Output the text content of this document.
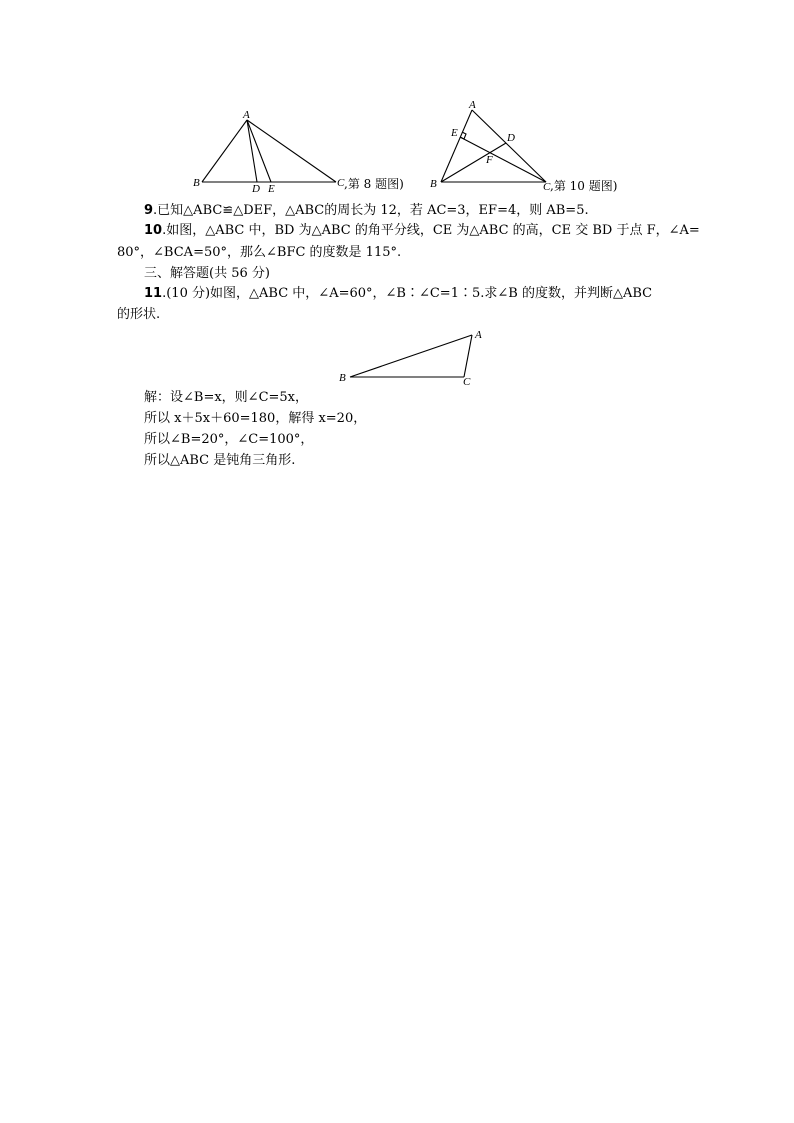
A
B	D E	C ,第 8 题图)
A
E	D
F
B	C ,第 10 题图)
9.已知△ABC≌△DEF，△ABC的周长为 12，若 AC=3，EF=4，则 AB=5.
10.如图，△ABC 中，BD 为△ABC 的角平分线，CE 为△ABC 的高，CE 交 BD 于点 F，∠A=
80°，∠BCA=50°，那么∠BFC 的度数是 115°.
三、解答题(共 56 分)
11.(10 分)如图，△ABC 中，∠A=60°，∠B∶∠C=1∶5.求∠B 的度数，并判断△ABC
的形状.
A
B	C
解：设∠B=x，则∠C=5x，
所以 x＋5x＋60=180，解得 x=20，
所以∠B=20°，∠C=100°，
所以△ABC 是钝角三角形.
